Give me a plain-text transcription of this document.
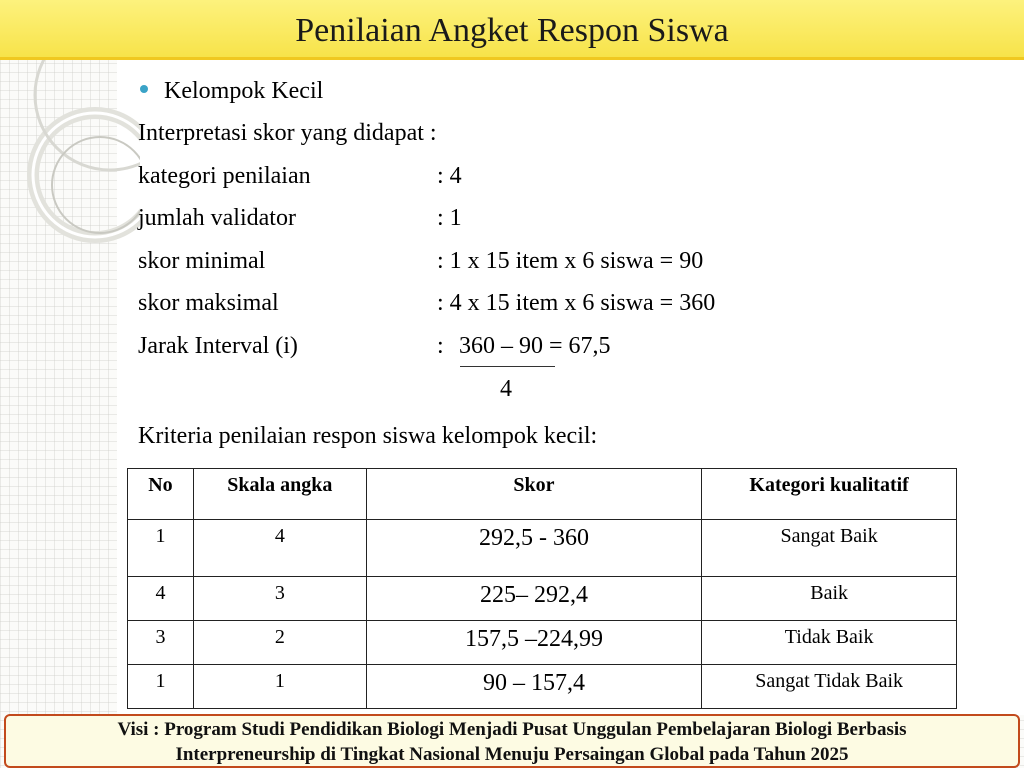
Penilaian Angket Respon Siswa
Kelompok Kecil
Interpretasi skor yang didapat :
kategori penilaian	: 4
jumlah validator	: 1
skor minimal	: 1 x 15 item x 6 siswa = 90
skor maksimal	: 4 x 15 item x 6 siswa = 360
Jarak Interval (i)	: 360 – 90 = 67,5
4
Kriteria penilaian respon siswa kelompok kecil:
No	Skala angka	Skor	Kategori kualitatif
1	4	292,5 - 360	Sangat Baik
4	3	225– 292,4	Baik
3	2	157,5 –224,99	Tidak Baik
1	1	90 – 157,4	Sangat Tidak Baik
Visi : Program Studi Pendidikan Biologi Menjadi Pusat Unggulan Pembelajaran Biologi Berbasis
Interpreneurship di Tingkat Nasional Menuju Persaingan Global pada Tahun 2025
